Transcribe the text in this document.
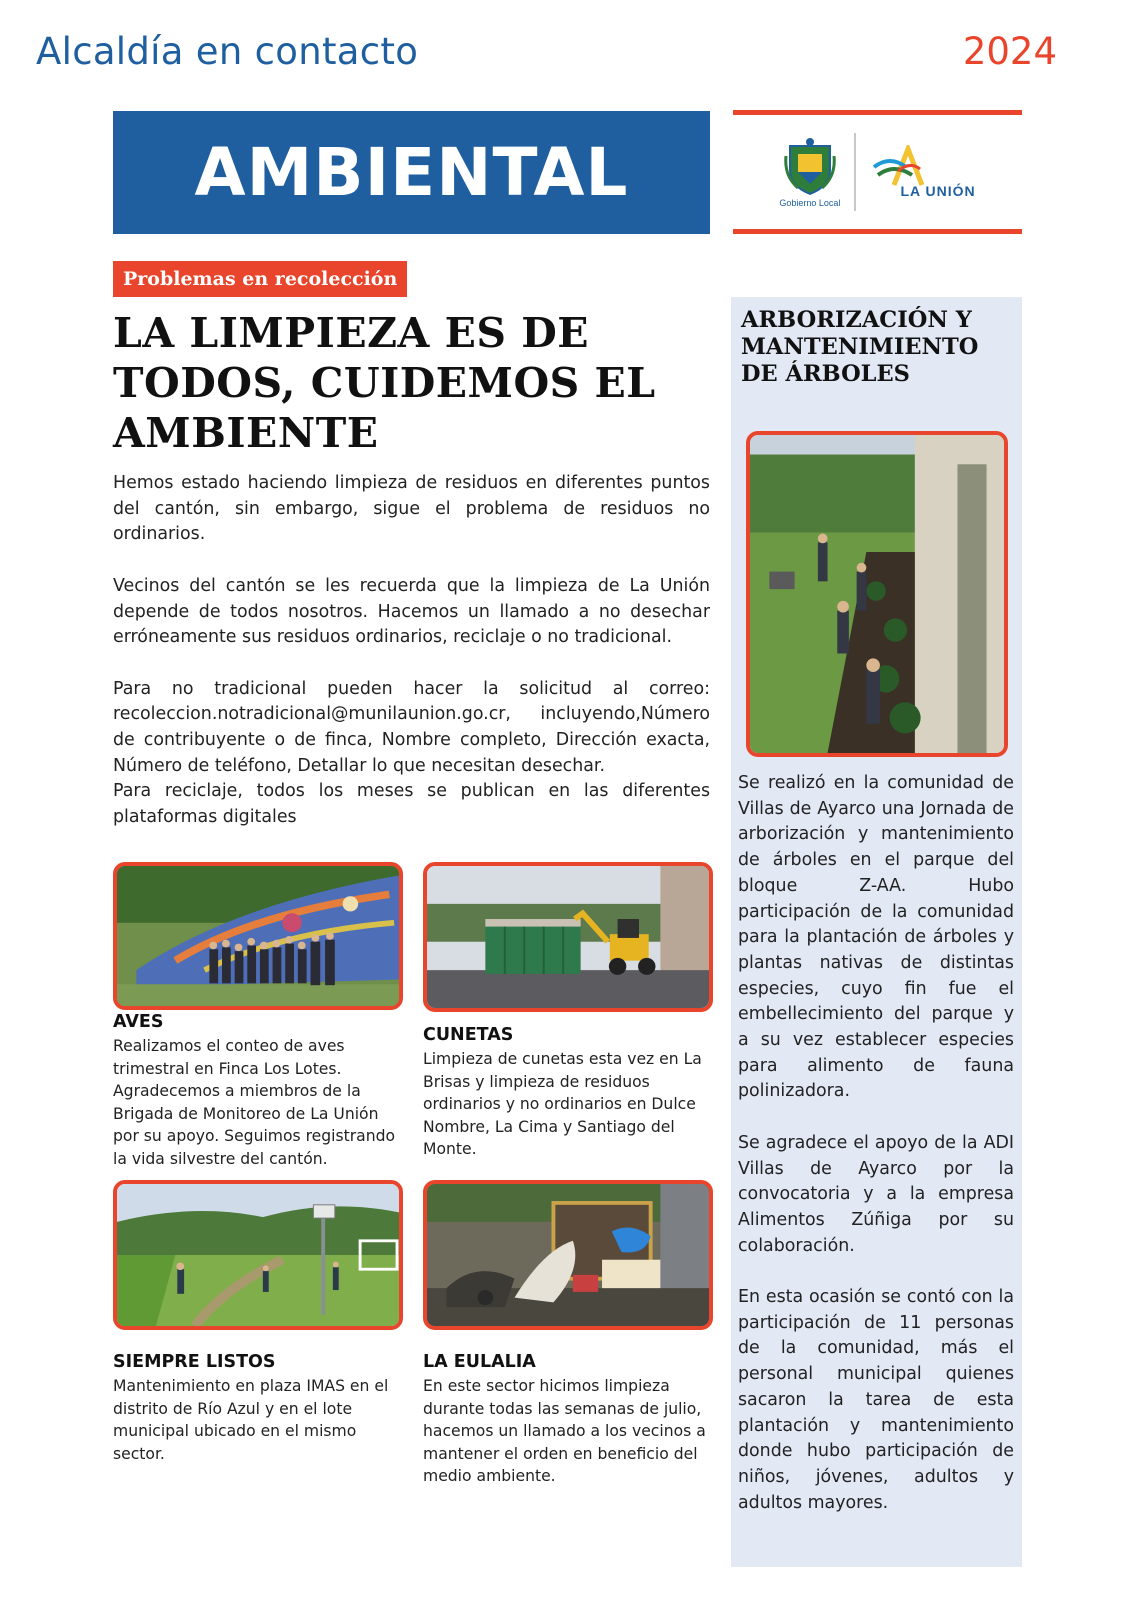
Alcaldía en contacto	2024
AMBIENTAL	Gobierno Local
LA UNIÓN
Problemas en recolección
LA LIMPIEZA ES DE TODOS, CUIDEMOS EL AMBIENTE

Hemos estado haciendo limpieza de residuos en diferentes puntos del cantón, sin embargo, sigue el problema de residuos no ordinarios.

Vecinos del cantón se les recuerda que la limpieza de La Unión depende de todos nosotros. Hacemos un llamado a no desechar erróneamente sus residuos ordinarios, reciclaje o no tradicional.

Para no tradicional pueden hacer la solicitud al correo: recoleccion.notradicional@munilaunion.go.cr, incluyendo,Número de contribuyente o de finca, Nombre completo, Dirección exacta, Número de teléfono, Detallar lo que necesitan desechar.

Para reciclaje, todos los meses se publican en las diferentes plataformas digitales

AVES
Realizamos el conteo de aves trimestral en Finca Los Lotes. Agradecemos a miembros de la Brigada de Monitoreo de La Unión por su apoyo. Seguimos registrando la vida silvestre del cantón.
CUNETAS
Limpieza de cunetas esta vez en La Brisas y limpieza de residuos ordinarios y no ordinarios en Dulce Nombre, La Cima y Santiago del Monte.
SIEMPRE LISTOS
Mantenimiento en plaza IMAS en el distrito de Río Azul y en el lote municipal ubicado en el mismo sector.
LA EULALIA
En este sector hicimos limpieza durante todas las semanas de julio, hacemos un llamado a los vecinos a mantener el orden en beneficio del medio ambiente.
ARBORIZACIÓN Y MANTENIMIENTO DE ÁRBOLES

Se realizó en la comunidad de Villas de Ayarco una Jornada de arborización y mantenimiento de árboles en el parque del bloque Z-AA. Hubo participación de la comunidad para la plantación de árboles y plantas nativas de distintas especies, cuyo fin fue el embellecimiento del parque y a su vez establecer especies para alimento de fauna polinizadora.

Se agradece el apoyo de la ADI Villas de Ayarco por la convocatoria y a la empresa Alimentos Zúñiga por su colaboración.

En esta ocasión se contó con la participación de 11 personas de la comunidad, más el personal municipal quienes sacaron la tarea de esta plantación y mantenimiento donde hubo participación de niños, jóvenes, adultos y adultos mayores.
